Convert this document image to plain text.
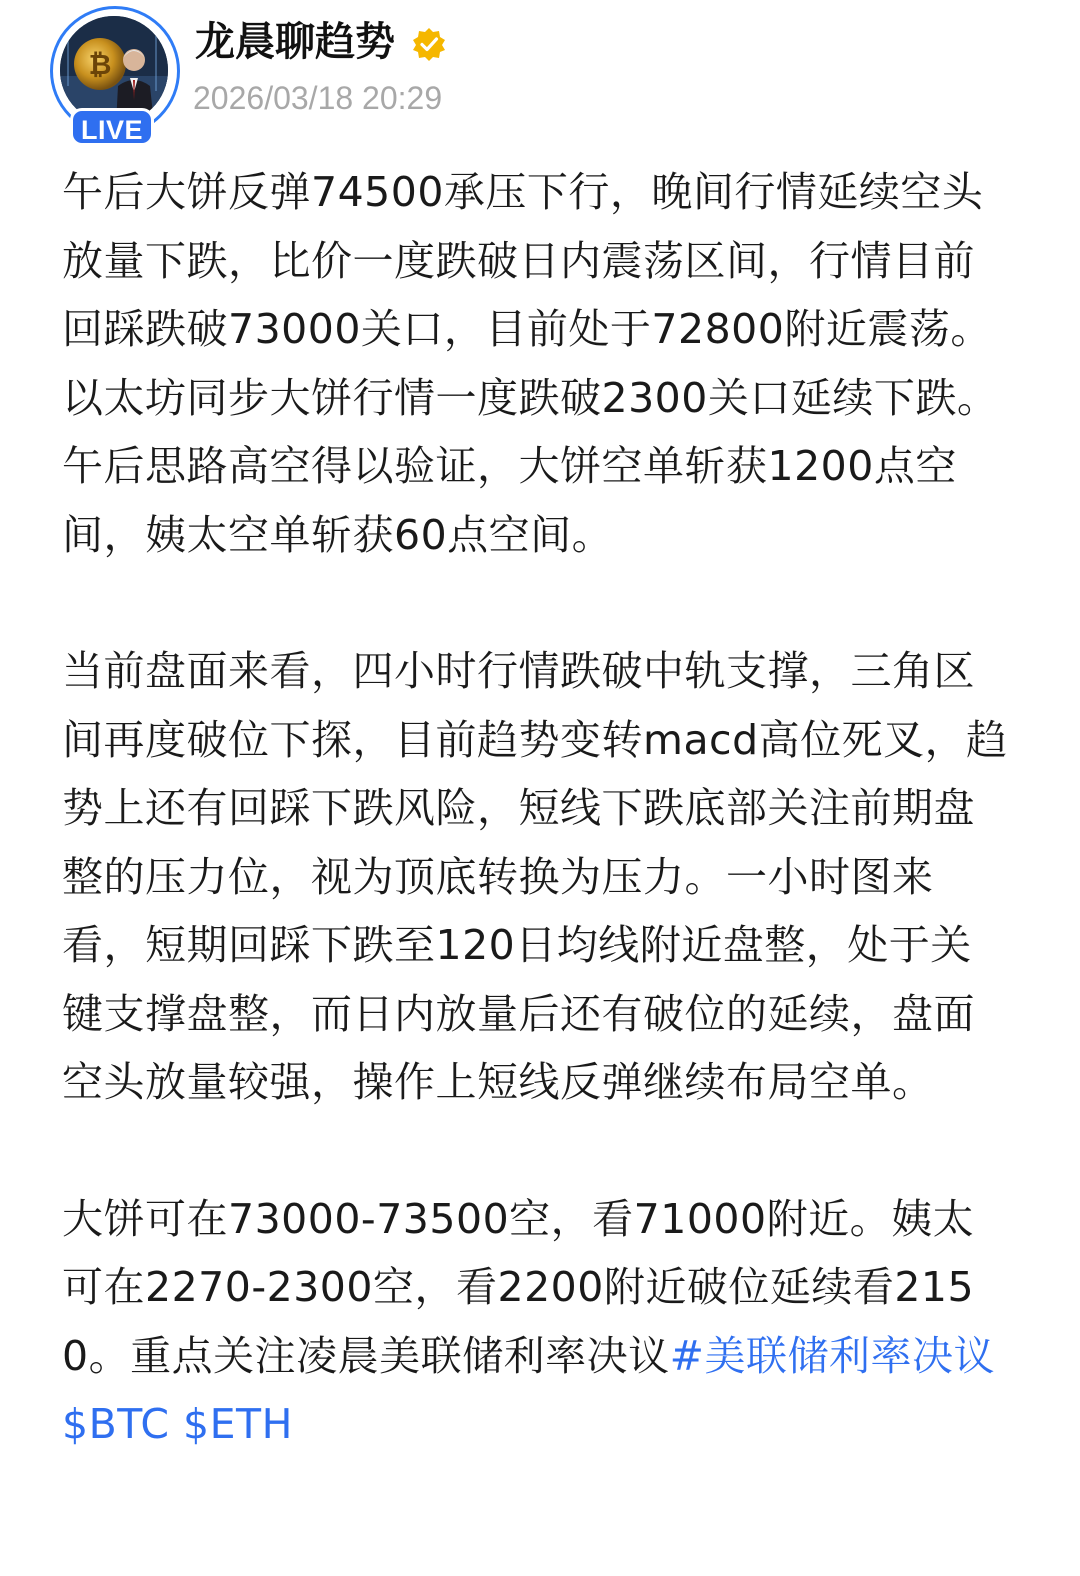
₿
LIVE
龙晨聊趋势
2026/03/18 20:29

午后大饼反弹74500承压下行，晚间行情延续空头放量下跌，比价一度跌破日内震荡区间，行情目前回踩跌破73000关口，目前处于72800附近震荡。以太坊同步大饼行情一度跌破2300关口延续下跌。午后思路高空得以验证，大饼空单斩获1200点空间，姨太空单斩获60点空间。

当前盘面来看，四小时行情跌破中轨支撑，三角区间再度破位下探，目前趋势变转macd高位死叉，趋势上还有回踩下跌风险，短线下跌底部关注前期盘整的压力位，视为顶底转换为压力。一小时图来看，短期回踩下跌至120日均线附近盘整，处于关键支撑盘整，而日内放量后还有破位的延续，盘面空头放量较强，操作上短线反弹继续布局空单。

大饼可在73000-73500空，看71000附近。姨太可在2270-2300空，看2200附近破位延续看2150。重点关注凌晨美联储利率决议#美联储利率决议 $BTC $ETH
